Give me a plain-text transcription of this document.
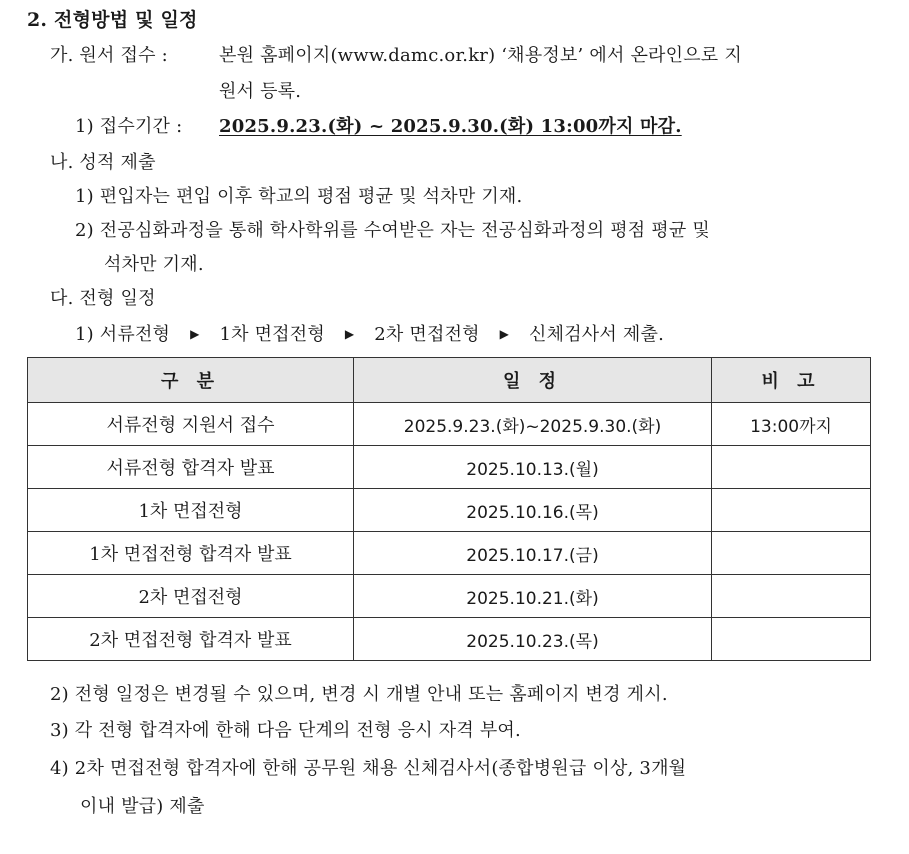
2. 전형방법 및 일정
가. 원서 접수 :	본원 홈페이지(www.damc.or.kr) ‘채용정보’ 에서 온라인으로 지
원서 등록.
1) 접수기간 : 2025.9.23.(화) ~ 2025.9.30.(화) 13:00까지 마감.
나. 성적 제출
1) 편입자는 편입 이후 학교의 평점 평균 및 석차만 기재.
2) 전공심화과정을 통해 학사학위를 수여받은 자는 전공심화과정의 평점 평균 및
석차만 기재.
다. 전형 일정
1) 서류전형 ▶ 1차 면접전형 ▶ 2차 면접전형 ▶ 신체검사서 제출.
구 분	일 정	비 고
서류전형 지원서 접수	2025.9.23.(화)~2025.9.30.(화)	13:00까지
서류전형 합격자 발표	2025.10.13.(월)	
1차 면접전형	2025.10.16.(목)	
1차 면접전형 합격자 발표	2025.10.17.(금)	
2차 면접전형	2025.10.21.(화)	
2차 면접전형 합격자 발표	2025.10.23.(목)	
2) 전형 일정은 변경될 수 있으며, 변경 시 개별 안내 또는 홈페이지 변경 게시.
3) 각 전형 합격자에 한해 다음 단계의 전형 응시 자격 부여.
4) 2차 면접전형 합격자에 한해 공무원 채용 신체검사서(종합병원급 이상, 3개월
이내 발급) 제출
